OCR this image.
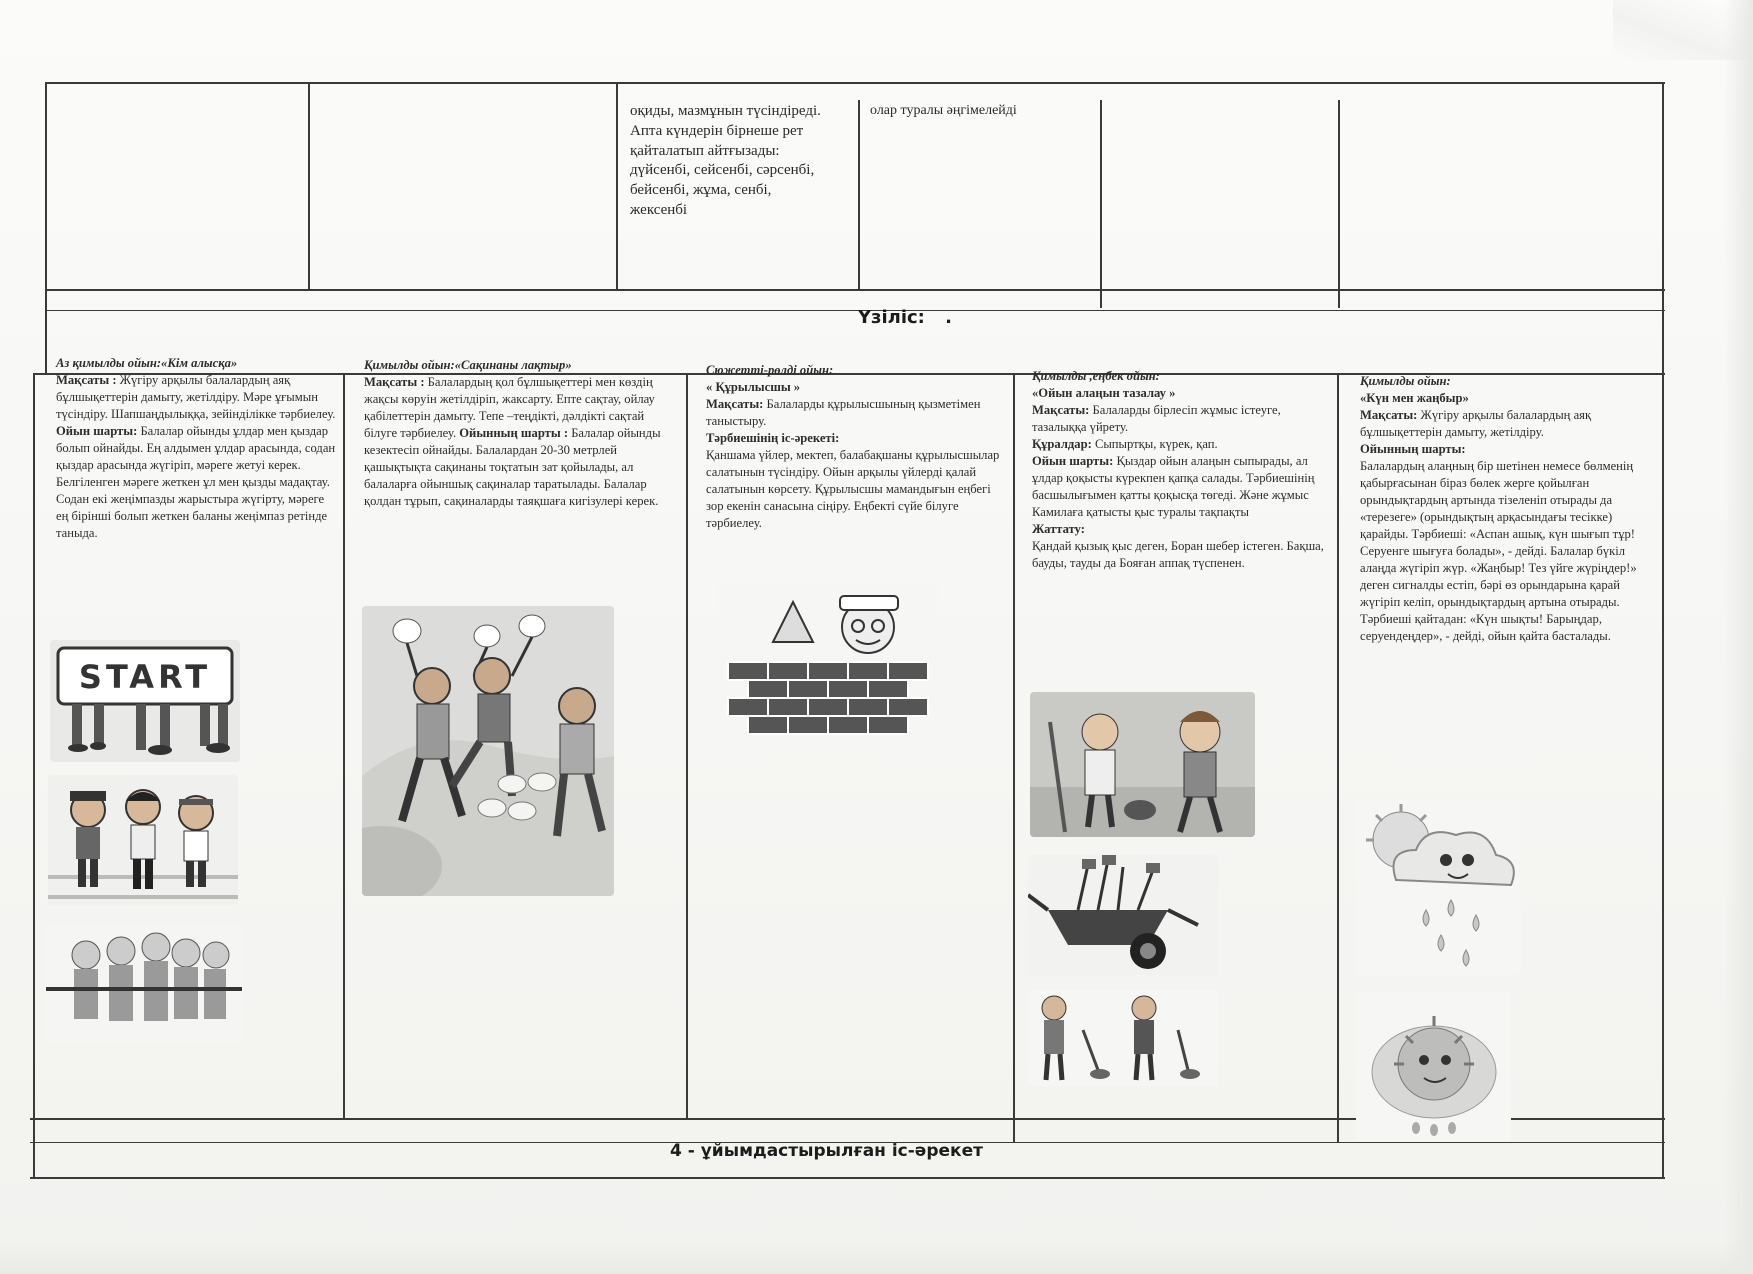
оқиды, мазмұнын түсіндіреді. Апта күндерін бірнеше рет қайталатып айтғызады: дүйсенбі, сейсенбі, сәрсенбі, бейсенбі, жұма, сенбі, жексенбі
олар туралы әңгімелейді
Үзіліс: .
Аз қимылды ойын:«Кім алысқа»
Мақсаты : Жүгіру арқылы балалардың аяқ бұлшықеттерін дамыту, жетілдіру. Мәре ұғымын түсіндіру. Шапшаңдылыққа, зейінділікке тәрбиелеу.
Ойын шарты: Балалар ойынды ұлдар мен қыздар болып ойнайды. Ең алдымен ұлдар арасында, содан қыздар арасында жүгіріп, мәреге жетуі керек. Белгіленген мәреге жеткен ұл мен қызды мадақтау. Содан екі жеңімпазды жарыстыра жүгірту, мәреге ең бірінші болып жеткен баланы жеңімпаз ретінде таныда.
START
Қимылды ойын:«Сақинаны лақтыр»
Мақсаты : Балалардың қол бұлшықеттері мен көздің жақсы көруін жетілдіріп, жаксарту. Епте сақтау, ойлау қабілеттерін дамыту. Тепе –теңдікті, дәлдікті сақтай білуге тәрбиелеу. Ойынның шарты : Балалар ойынды кезектесіп ойнайды. Балалардан 20-30 метрлей қашықтықта сақинаны тоқтатын зат қойылады, ал балаларға ойыншық сақиналар таратылады. Балалар қолдан тұрып, сақиналарды таяқшаға кигізулері керек.
Сюжетті-рөлді ойын:
« Құрылысшы »
Мақсаты: Балаларды құрылысшының қызметімен таныстыру.
Тәрбиешінің іс-әрекеті:
Қаншама үйлер, мектеп, балабақшаны құрылысшылар салатынын түсіндіру. Ойын арқылы үйлерді қалай салатынын көрсету. Құрылысшы мамандығын еңбегі зор екенін санасына сіңіру. Еңбекті сүйе білуге тәрбиелеу.
Қимылды ,еңбек ойын:
«Ойын алаңын тазалау »
Мақсаты: Балаларды бірлесіп жұмыс істеуге, тазалыққа үйрету.
Құралдар: Сыпыртқы, күрек, қап.
Ойын шарты: Қыздар ойын алаңын сыпырады, ал ұлдар қоқысты күрекпен қапқа салады. Тәрбиешінің басшылығымен қатты қоқысқа төгеді. Және жұмыс Камилаға қатысты қыс туралы тақпақты
Жаттату:
Қандай қызық қыс деген, Боран шебер істеген. Бақша, бауды, тауды да Бояған аппақ түспенен.
Қимылды ойын:
«Күн мен жаңбыр»
Мақсаты: Жүгіру арқылы балалардың аяқ бұлшықеттерін дамыту, жетілдіру.
Ойынның шарты:
Балалардың алаңның бір шетінен немесе бөлменің қабырғасынан біраз бөлек жерге қойылған орындықтардың артында тізеленіп отырады да «терезеге» (орындықтың арқасындағы тесікке) қарайды. Тәрбиеші: «Аспан ашық, күн шығып тұр! Серуенге шығуға болады», - дейді. Балалар бүкіл алаңда жүгіріп жүр. «Жаңбыр! Тез үйге жүріңдер!» деген сигналды естіп, бәрі өз орындарына қарай жүгіріп келіп, орындықтардың артына отырады. Тәрбиеші қайтадан: «Күн шықты! Барыңдар, серуендеңдер», - дейді, ойын қайта басталады.
4 - ұйымдастырылған іс-әрекет
